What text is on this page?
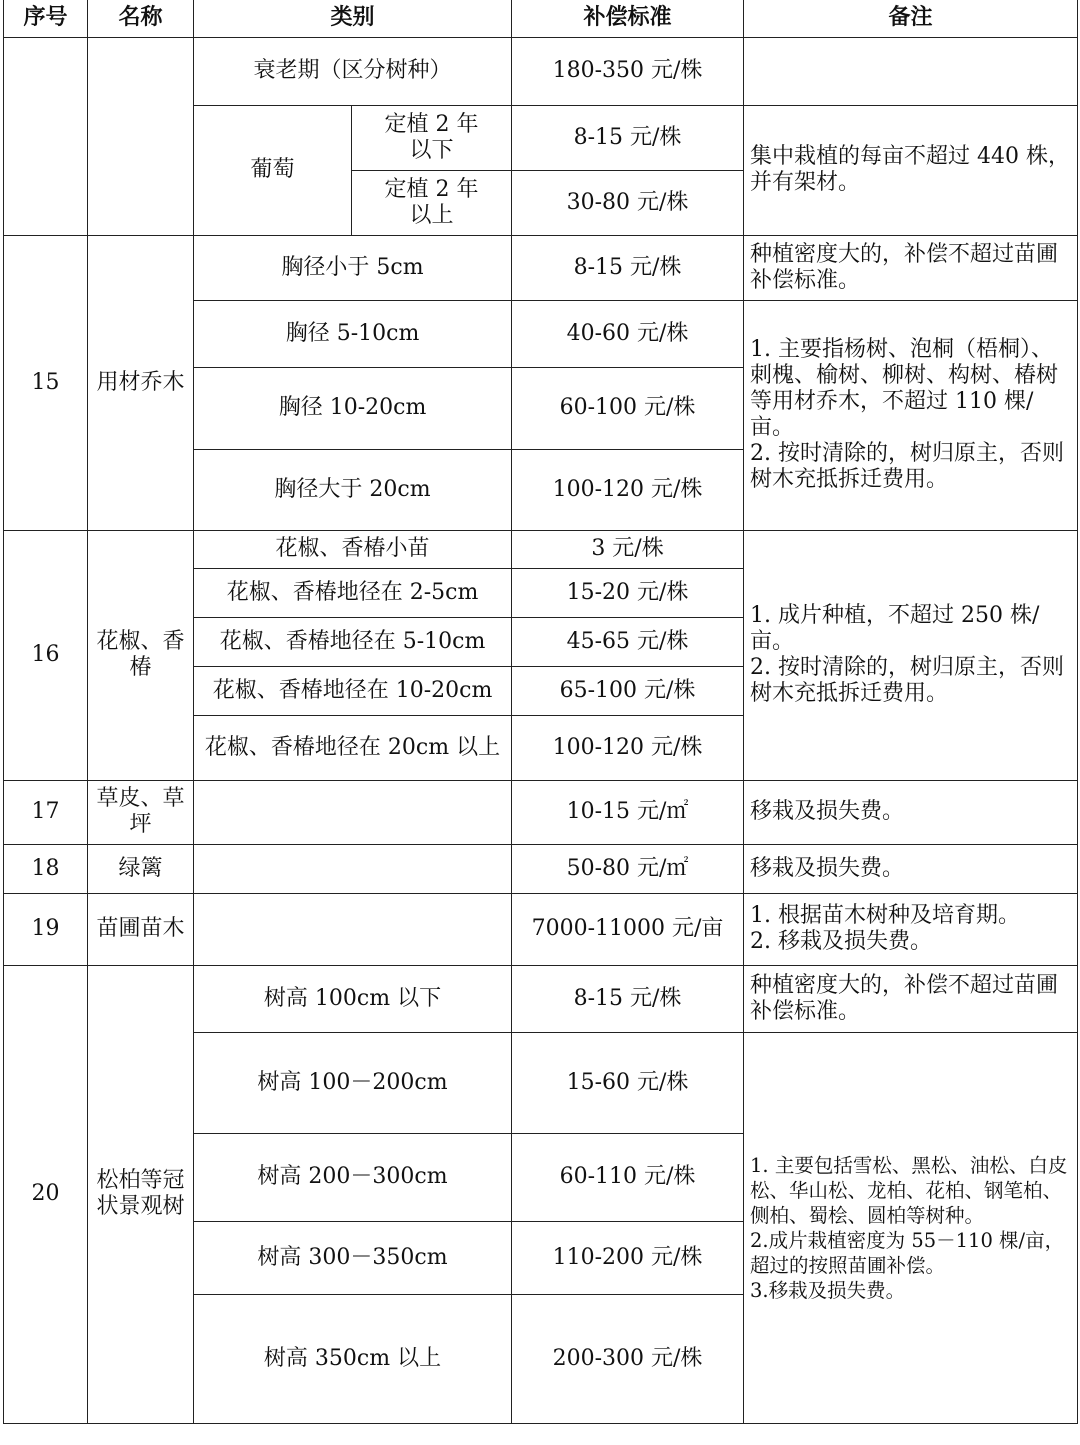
序号	名称	类别		补偿标准	备注
		衰老期（区分树种）		180-350 元/株	
		葡萄	定植 2 年
以下	8-15 元/株	集中栽植的每亩不超过 440 株，并有架材。

			定植 2 年
以上	30-80 元/株	
15	用材乔木	胸径小于 5cm		8-15 元/株	种植密度大的，补偿不超过苗圃补偿标准。
		胸径 5-10cm		40-60 元/株	1. 主要指杨树、泡桐（梧桐）、刺槐、榆树、柳树、构树、椿树等用材乔木，不超过 110 棵/亩。
2. 按时清除的，树归原主，否则树木充抵拆迁费用。

		胸径 10-20cm		60-100 元/株	
		胸径大于 20cm		100-120 元/株	
16	花椒、香椿	花椒、香椿小苗		3 元/株	1. 成片种植，不超过 250 株/亩。
2. 按时清除的，树归原主，否则树木充抵拆迁费用。

		花椒、香椿地径在 2-5cm		15-20 元/株	
		花椒、香椿地径在 5-10cm		45-65 元/株	
		花椒、香椿地径在 10-20cm		65-100 元/株	
		花椒、香椿地径在 20cm 以上		100-120 元/株	
17	草皮、草坪			10-15 元/㎡	移栽及损失费。
18	绿篱			50-80 元/㎡	移栽及损失费。
19	苗圃苗木			7000-11000 元/亩	1. 根据苗木树种及培育期。
2. 移栽及损失费。

20	松柏等冠状景观树	树高 100cm 以下		8-15 元/株	种植密度大的，补偿不超过苗圃补偿标准。
		树高 100－200cm		15-60 元/株	1. 主要包括雪松、黑松、油松、白皮松、华山松、龙柏、花柏、钢笔柏、侧柏、蜀桧、圆柏等树种。
2.成片栽植密度为 55－110 棵/亩，超过的按照苗圃补偿。
3.移栽及损失费。

		树高 200－300cm		60-110 元/株	
		树高 300－350cm		110-200 元/株	
		树高 350cm 以上		200-300 元/株	
